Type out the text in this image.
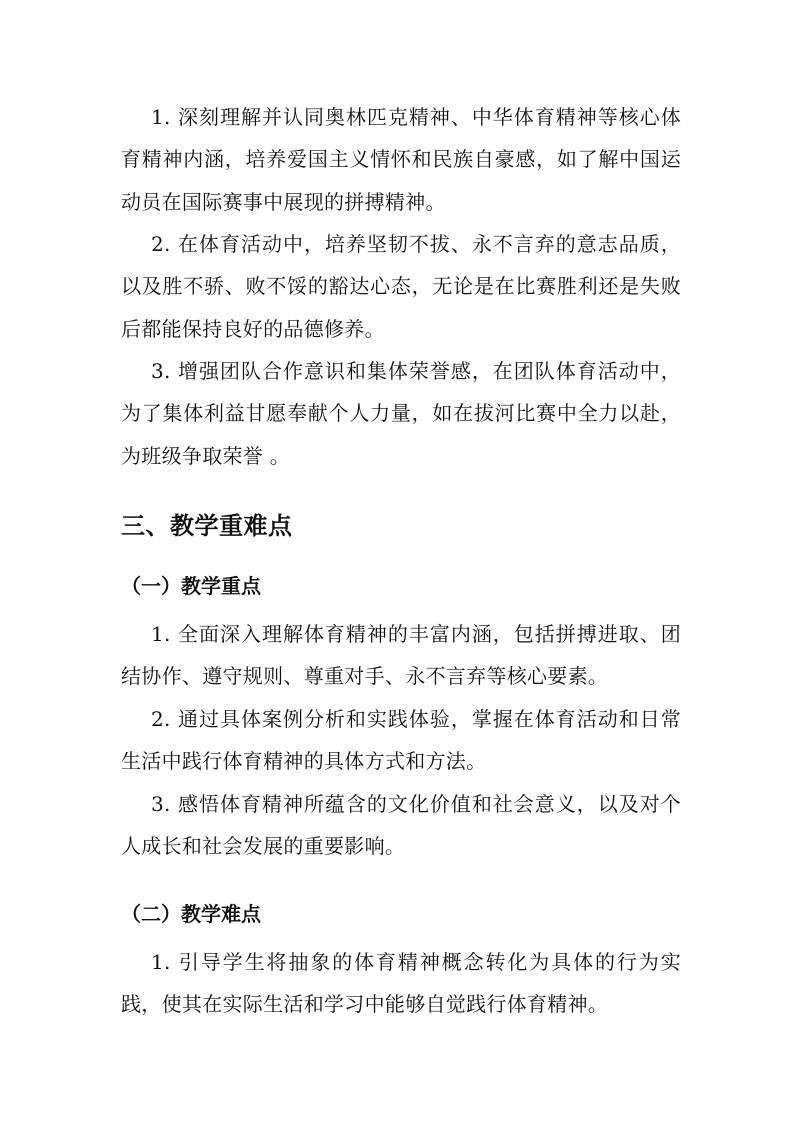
1. 深刻理解并认同奥林匹克精神、中华体育精神等核心体育精神内涵，培养爱国主义情怀和民族自豪感，如了解中国运动员在国际赛事中展现的拼搏精神。

2. 在体育活动中，培养坚韧不拔、永不言弃的意志品质，以及胜不骄、败不馁的豁达心态，无论是在比赛胜利还是失败后都能保持良好的品德修养。

3. 增强团队合作意识和集体荣誉感，在团队体育活动中，为了集体利益甘愿奉献个人力量，如在拔河比赛中全力以赴，为班级争取荣誉 。

三、教学重难点
（一）教学重点

1. 全面深入理解体育精神的丰富内涵，包括拼搏进取、团结协作、遵守规则、尊重对手、永不言弃等核心要素。

2. 通过具体案例分析和实践体验，掌握在体育活动和日常生活中践行体育精神的具体方式和方法。

3. 感悟体育精神所蕴含的文化价值和社会意义，以及对个人成长和社会发展的重要影响。

（二）教学难点

1. 引导学生将抽象的体育精神概念转化为具体的行为实践，使其在实际生活和学习中能够自觉践行体育精神。
